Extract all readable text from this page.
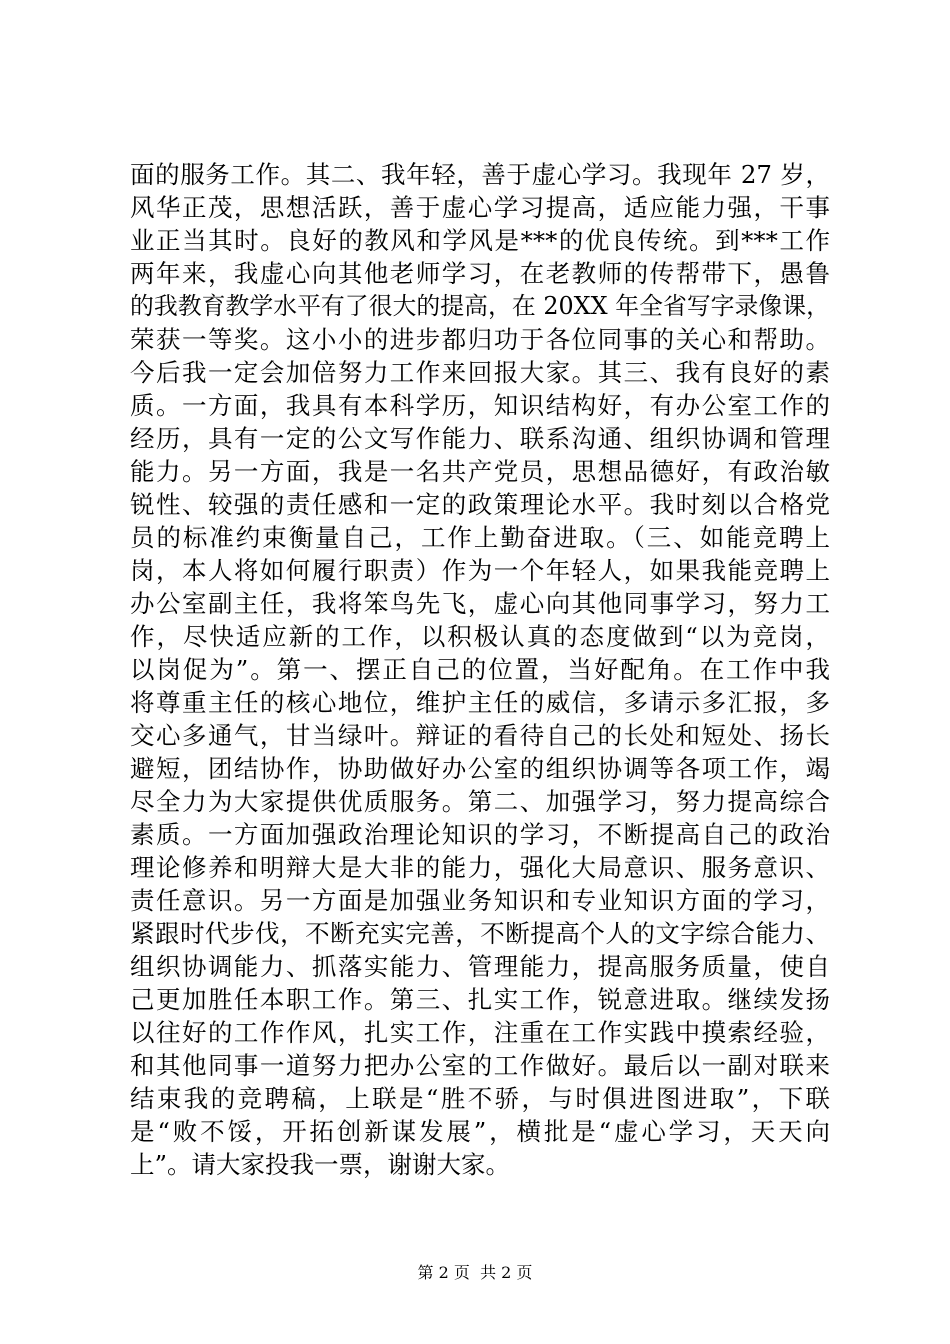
面的服务工作。其二、我年轻，善于虚心学习。我现年 27 岁，
风华正茂，思想活跃，善于虚心学习提高，适应能力强，干事
业正当其时。良好的教风和学风是***的优良传统。到***工作
两年来，我虚心向其他老师学习，在老教师的传帮带下，愚鲁
的我教育教学水平有了很大的提高，在 20XX 年全省写字录像课，
荣获一等奖。这小小的进步都归功于各位同事的关心和帮助。
今后我一定会加倍努力工作来回报大家。其三、我有良好的素
质。一方面，我具有本科学历，知识结构好，有办公室工作的
经历，具有一定的公文写作能力、联系沟通、组织协调和管理
能力。另一方面，我是一名共产党员，思想品德好，有政治敏
锐性、较强的责任感和一定的政策理论水平。我时刻以合格党
员的标准约束衡量自己，工作上勤奋进取。（三、如能竞聘上
岗，本人将如何履行职责）作为一个年轻人，如果我能竞聘上
办公室副主任，我将笨鸟先飞，虚心向其他同事学习，努力工
作，尽快适应新的工作，以积极认真的态度做到“以为竞岗，
以岗促为”。第一、摆正自己的位置，当好配角。在工作中我
将尊重主任的核心地位，维护主任的威信，多请示多汇报，多
交心多通气，甘当绿叶。辩证的看待自己的长处和短处、扬长
避短，团结协作，协助做好办公室的组织协调等各项工作，竭
尽全力为大家提供优质服务。第二、加强学习，努力提高综合
素质。一方面加强政治理论知识的学习，不断提高自己的政治
理论修养和明辩大是大非的能力，强化大局意识、服务意识、
责任意识。另一方面是加强业务知识和专业知识方面的学习，
紧跟时代步伐，不断充实完善，不断提高个人的文字综合能力、
组织协调能力、抓落实能力、管理能力，提高服务质量，使自
己更加胜任本职工作。第三、扎实工作，锐意进取。继续发扬
以往好的工作作风，扎实工作，注重在工作实践中摸索经验，
和其他同事一道努力把办公室的工作做好。最后以一副对联来
结束我的竞聘稿，上联是“胜不骄，与时俱进图进取”，下联
是“败不馁，开拓创新谋发展”，横批是“虚心学习，天天向
上”。请大家投我一票，谢谢大家。
第 2 页  共 2 页
